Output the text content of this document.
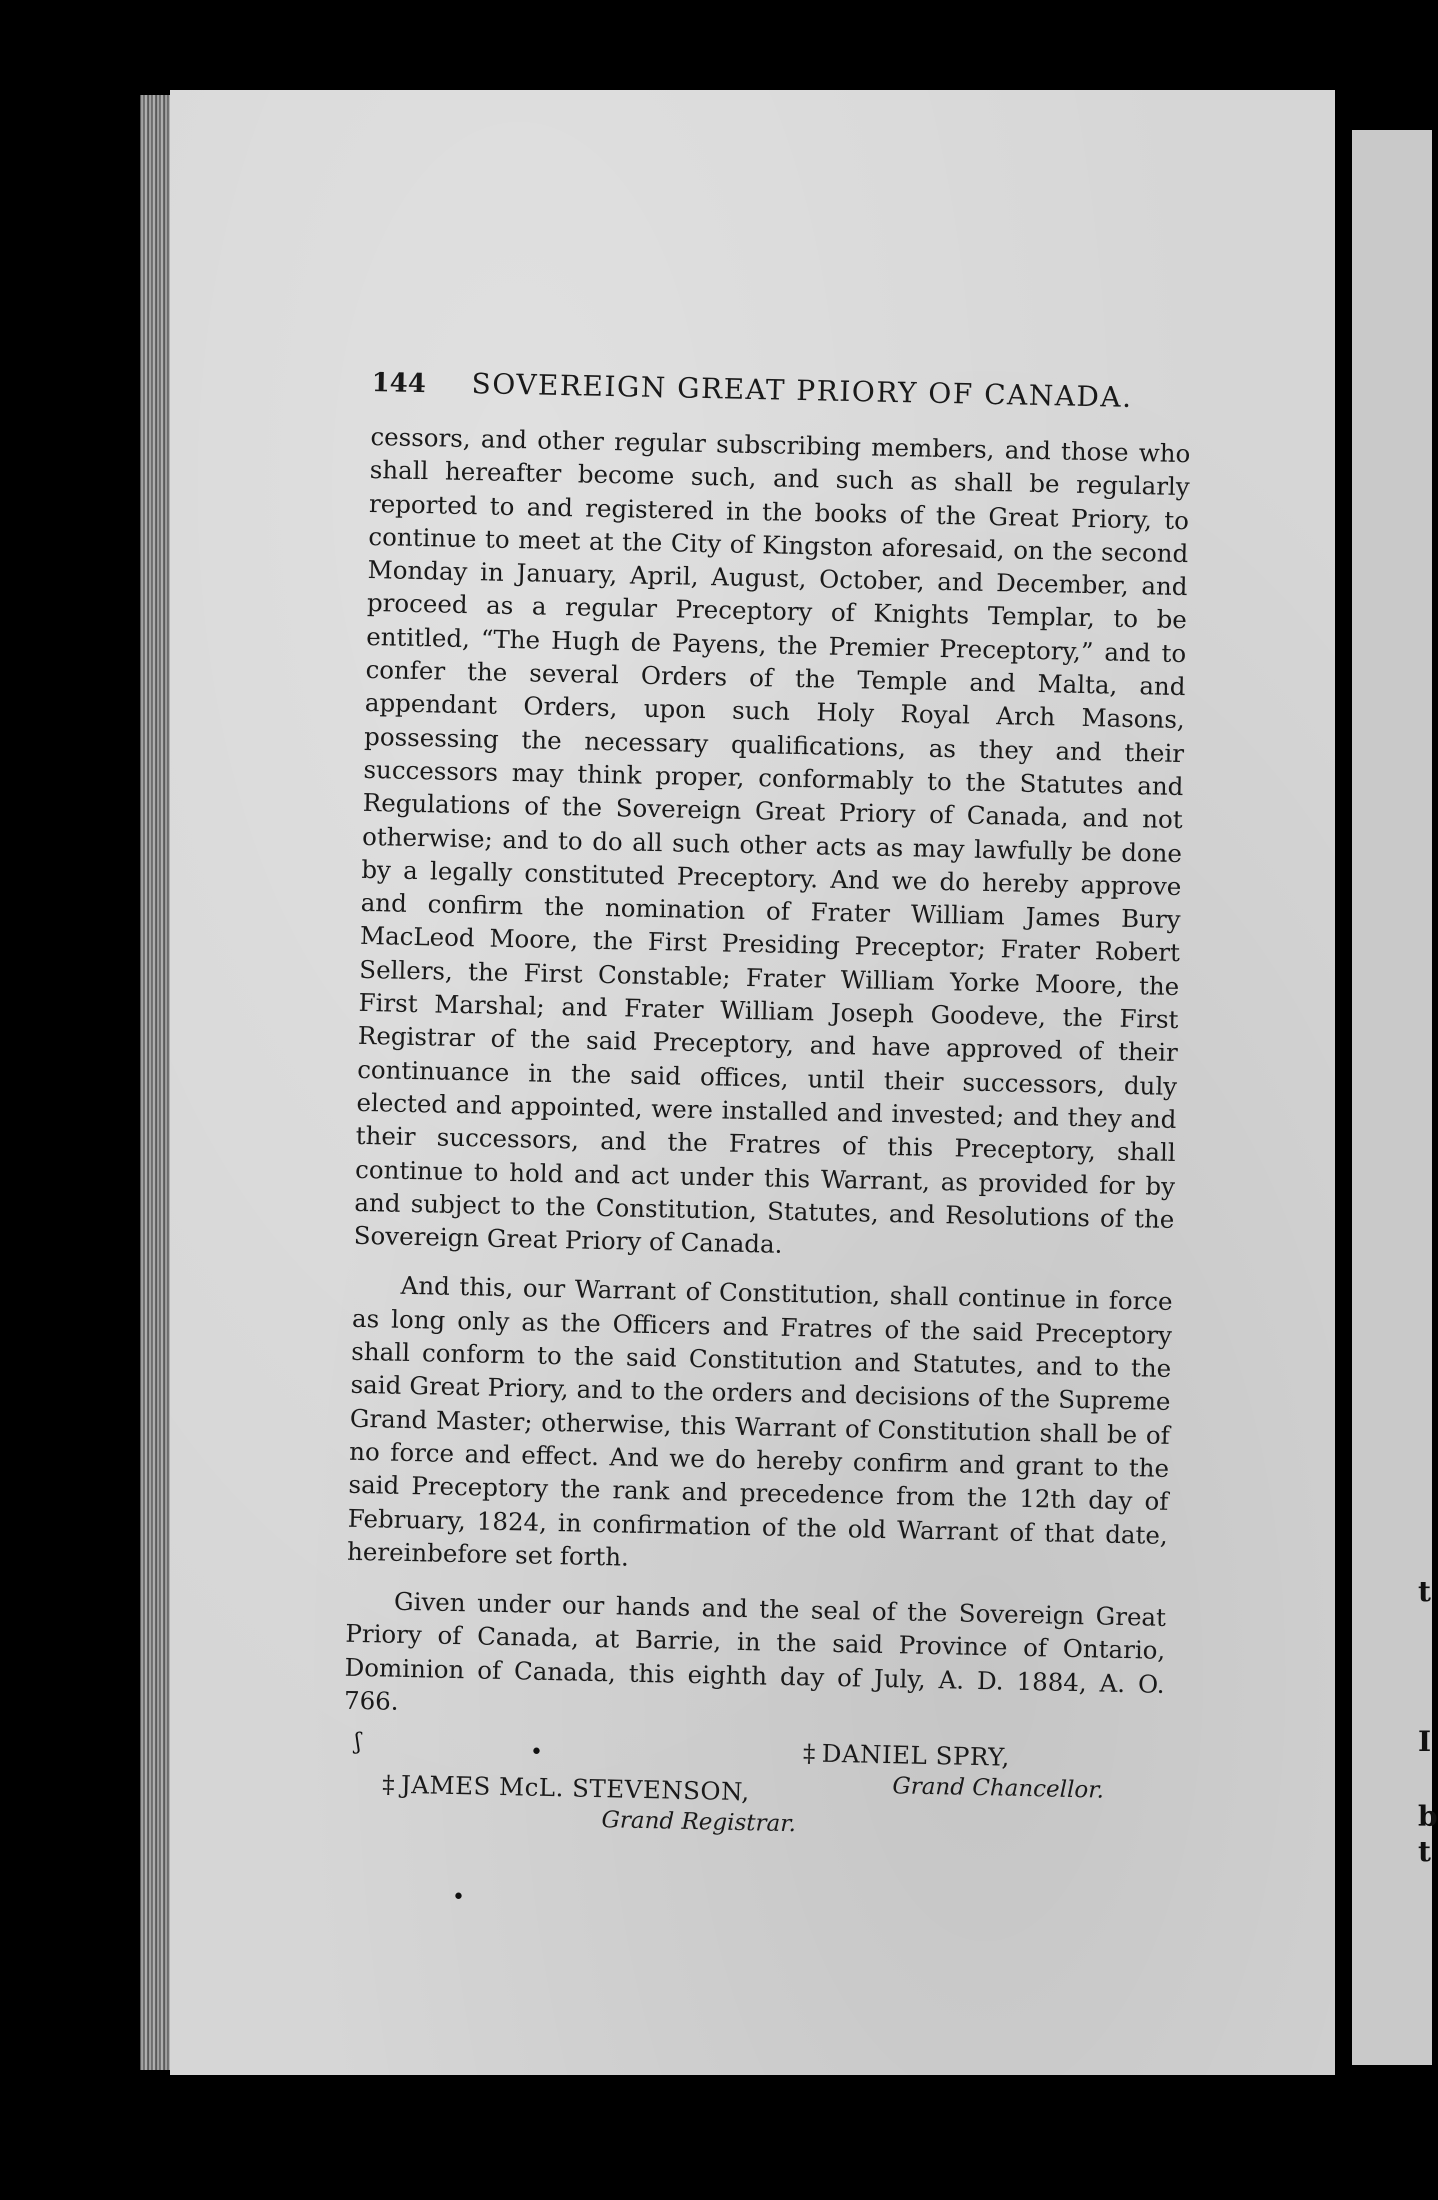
t
I
b
t
144	SOVEREIGN GREAT PRIORY OF CANADA.

cessors, and other regular subscribing members, and those who shall hereafter become such, and such as shall be regularly reported to and registered in the books of the Great Priory, to continue to meet at the City of Kingston aforesaid, on the second Monday in January, April, August, October, and December, and proceed as a regular Preceptory of Knights Templar, to be entitled, “The Hugh de Payens, the Premier Preceptory,” and to confer the several Orders of the Temple and Malta, and appendant Orders, upon such Holy Royal Arch Masons, possessing the necessary qualifications, as they and their successors may think proper, conformably to the Statutes and Regulations of the Sovereign Great Priory of Canada, and not otherwise; and to do all such other acts as may lawfully be done by a legally constituted Preceptory. And we do hereby approve and confirm the nomination of Frater William James Bury MacLeod Moore, the First Presiding Preceptor; Frater Robert Sellers, the First Constable; Frater William Yorke Moore, the First Marshal; and Frater William Joseph Goodeve, the First Registrar of the said Preceptory, and have approved of their continuance in the said offices, until their successors, duly elected and appointed, were installed and invested; and they and their successors, and the Fratres of this Preceptory, shall continue to hold and act under this Warrant, as provided for by and subject to the Constitution, Statutes, and Resolutions of the Sovereign Great Priory of Canada.

And this, our Warrant of Constitution, shall continue in force as long only as the Officers and Fratres of the said Preceptory shall conform to the said Constitution and Statutes, and to the said Great Priory, and to the orders and decisions of the Supreme Grand Master; otherwise, this Warrant of Constitution shall be of no force and effect. And we do hereby confirm and grant to the said Preceptory the rank and precedence from the 12th day of February, 1824, in confirmation of the old Warrant of that date, hereinbefore set forth.

Given under our hands and the seal of the Sovereign Great Priory of Canada, at Barrie, in the said Province of Ontario, Dominion of Canada, this eighth day of July, A. D. 1884, A. O. 766.

‡ JAMES McL. STEVENSON,
Grand Registrar.
‡ DANIEL SPRY,
Grand Chancellor.
ʃ	•
•
